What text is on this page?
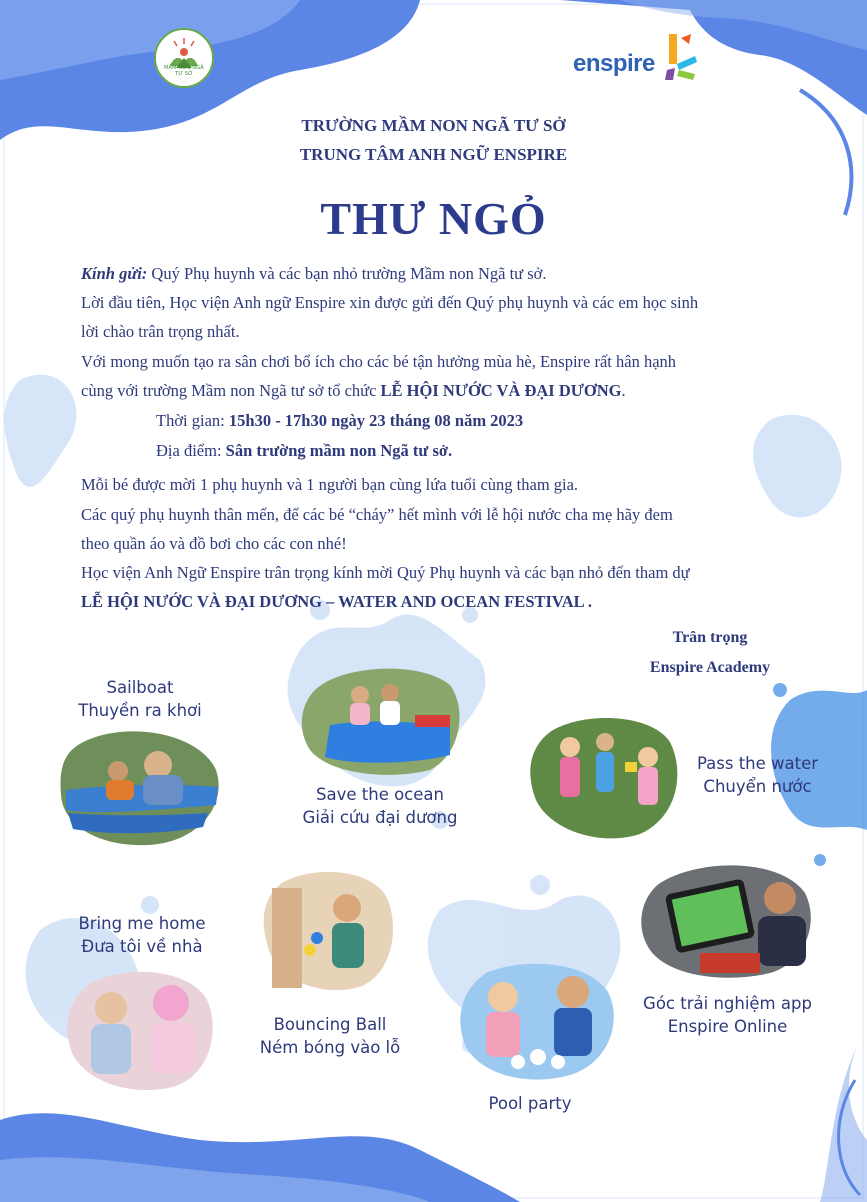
MẦM NON NGÃ TƯ SỞ	enspire
TRƯỜNG MẦM NON NGÃ TƯ SỞ
TRUNG TÂM ANH NGỮ ENSPIRE
THƯ NGỎ
Kính gửi: Quý Phụ huynh và các bạn nhỏ trường Mầm non Ngã tư sở.
Lời đầu tiên, Học viện Anh ngữ Enspire xin được gửi đến Quý phụ huynh và các em học sinh
lời chào trân trọng nhất.
Với mong muốn tạo ra sân chơi bổ ích cho các bé tận hưởng mùa hè, Enspire rất hân hạnh
cùng với trường Mầm non Ngã tư sở tổ chức LỄ HỘI NƯỚC VÀ ĐẠI DƯƠNG.
Thời gian: 15h30 - 17h30 ngày 23 tháng 08 năm 2023
Địa điểm: Sân trường mầm non Ngã tư sở.
Mỗi bé được mời 1 phụ huynh và 1 người bạn cùng lứa tuổi cùng tham gia.
Các quý phụ huynh thân mến, để các bé “cháy” hết mình với lễ hội nước cha mẹ hãy đem
theo quần áo và đồ bơi cho các con nhé!
Học viện Anh Ngữ Enspire trân trọng kính mời Quý Phụ huynh và các bạn nhỏ đến tham dự
LỄ HỘI NƯỚC VÀ ĐẠI DƯƠNG – WATER AND OCEAN FESTIVAL .
Trân trọng
Enspire Academy
Sailboat
Thuyền ra khơi
Save the ocean
Giải cứu đại dương
Pass the water
Chuyển nước
Bring me home
Đưa tôi về nhà
Bouncing Ball
Ném bóng vào lỗ
Pool party
Góc trải nghiệm app
Enspire Online
